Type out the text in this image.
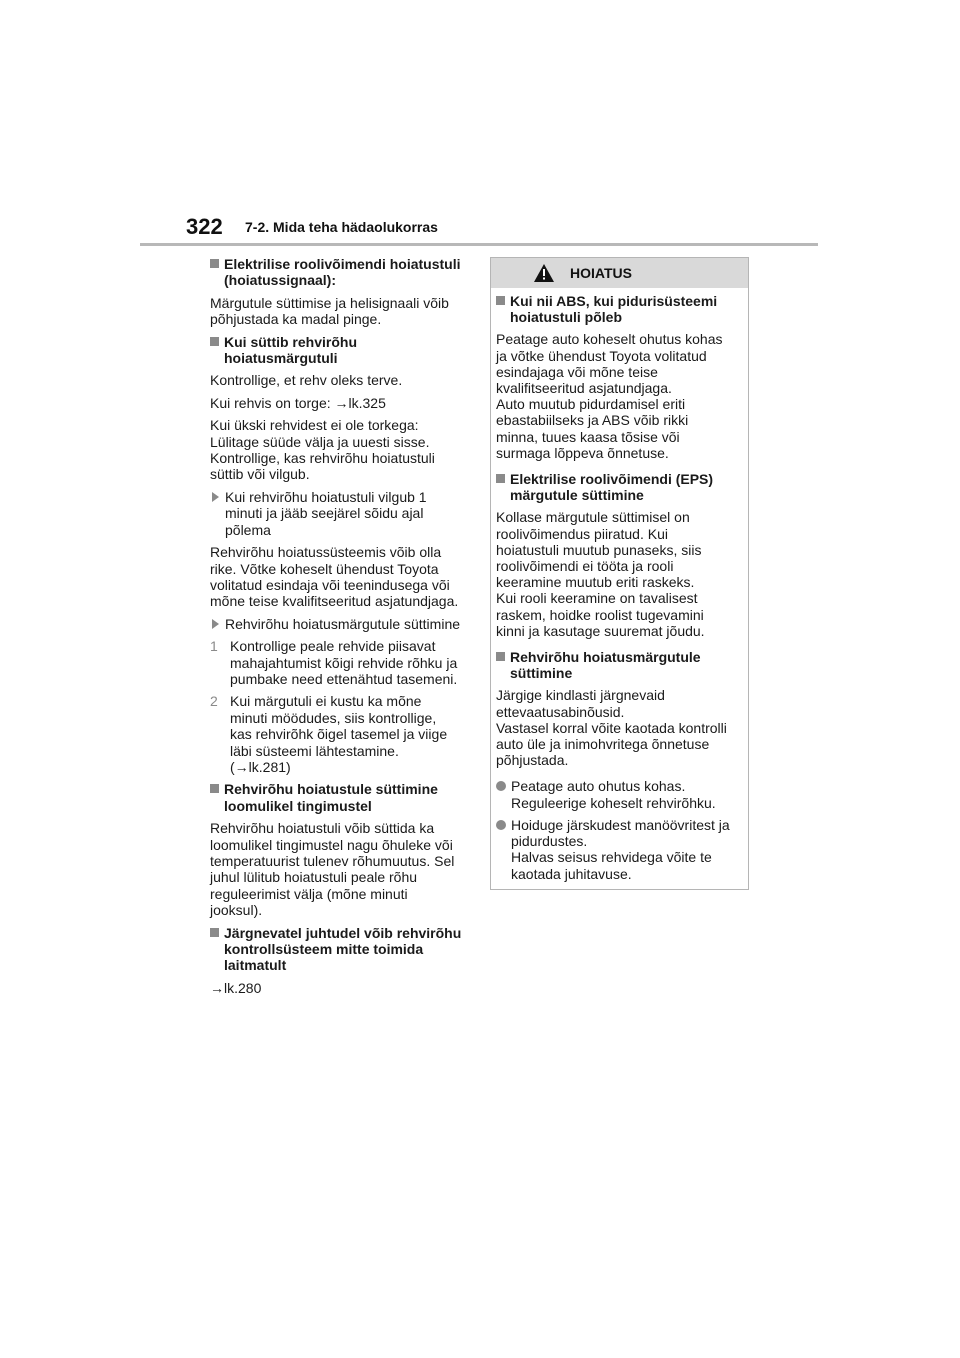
322 7-2. Mida teha hädaolukorras
Elektrilise roolivõimendi hoiatustuli
(hoiatussignaal):
Märgutule süttimise ja helisignaali võib
põhjustada ka madal pinge.
Kui süttib rehvirõhu
hoiatusmärgutuli
Kontrollige, et rehv oleks terve.
Kui rehvis on torge: →lk.325
Kui ükski rehvidest ei ole torkega:
Lülitage süüde välja ja uuesti sisse.
Kontrollige, kas rehvirõhu hoiatustuli
süttib või vilgub.
Kui rehvirõhu hoiatustuli vilgub 1
minuti ja jääb seejärel sõidu ajal
põlema
Rehvirõhu hoiatussüsteemis võib olla
rike. Võtke koheselt ühendust Toyota
volitatud esindaja või teenindusega või
mõne teise kvalifitseeritud asjatundjaga.
Rehvirõhu hoiatusmärgutule süttimine
1 Kontrollige peale rehvide piisavat
mahajahtumist kõigi rehvide rõhku ja
pumbake need ettenähtud tasemeni.
2 Kui märgutuli ei kustu ka mõne
minuti möödudes, siis kontrollige,
kas rehvirõhk õigel tasemel ja viige
läbi süsteemi lähtestamine.
(→lk.281)
Rehvirõhu hoiatustule süttimine
loomulikel tingimustel
Rehvirõhu hoiatustuli võib süttida ka
loomulikel tingimustel nagu õhuleke või
temperatuurist tulenev rõhumuutus. Sel
juhul lülitub hoiatustuli peale rõhu
reguleerimist välja (mõne minuti
jooksul).
Järgnevatel juhtudel võib rehvirõhu
kontrollsüsteem mitte toimida
laitmatult
→lk.280
HOIATUS
Kui nii ABS, kui pidurisüsteemi
hoiatustuli põleb
Peatage auto koheselt ohutus kohas
ja võtke ühendust Toyota volitatud
esindajaga või mõne teise
kvalifitseeritud asjatundjaga.
Auto muutub pidurdamisel eriti
ebastabiilseks ja ABS võib rikki
minna, tuues kaasa tõsise või
surmaga lõppeva õnnetuse.
Elektrilise roolivõimendi (EPS)
märgutule süttimine
Kollase märgutule süttimisel on
roolivõimendus piiratud. Kui
hoiatustuli muutub punaseks, siis
roolivõimendi ei tööta ja rooli
keeramine muutub eriti raskeks.
Kui rooli keeramine on tavalisest
raskem, hoidke roolist tugevamini
kinni ja kasutage suuremat jõudu.
Rehvirõhu hoiatusmärgutule
süttimine
Järgige kindlasti järgnevaid
ettevaatusabinõusid.
Vastasel korral võite kaotada kontrolli
auto üle ja inimohvritega õnnetuse
põhjustada.
Peatage auto ohutus kohas.
Reguleerige koheselt rehvirõhku.
Hoiduge järskudest manöövritest ja
pidurdustes.
Halvas seisus rehvidega võite te
kaotada juhitavuse.
